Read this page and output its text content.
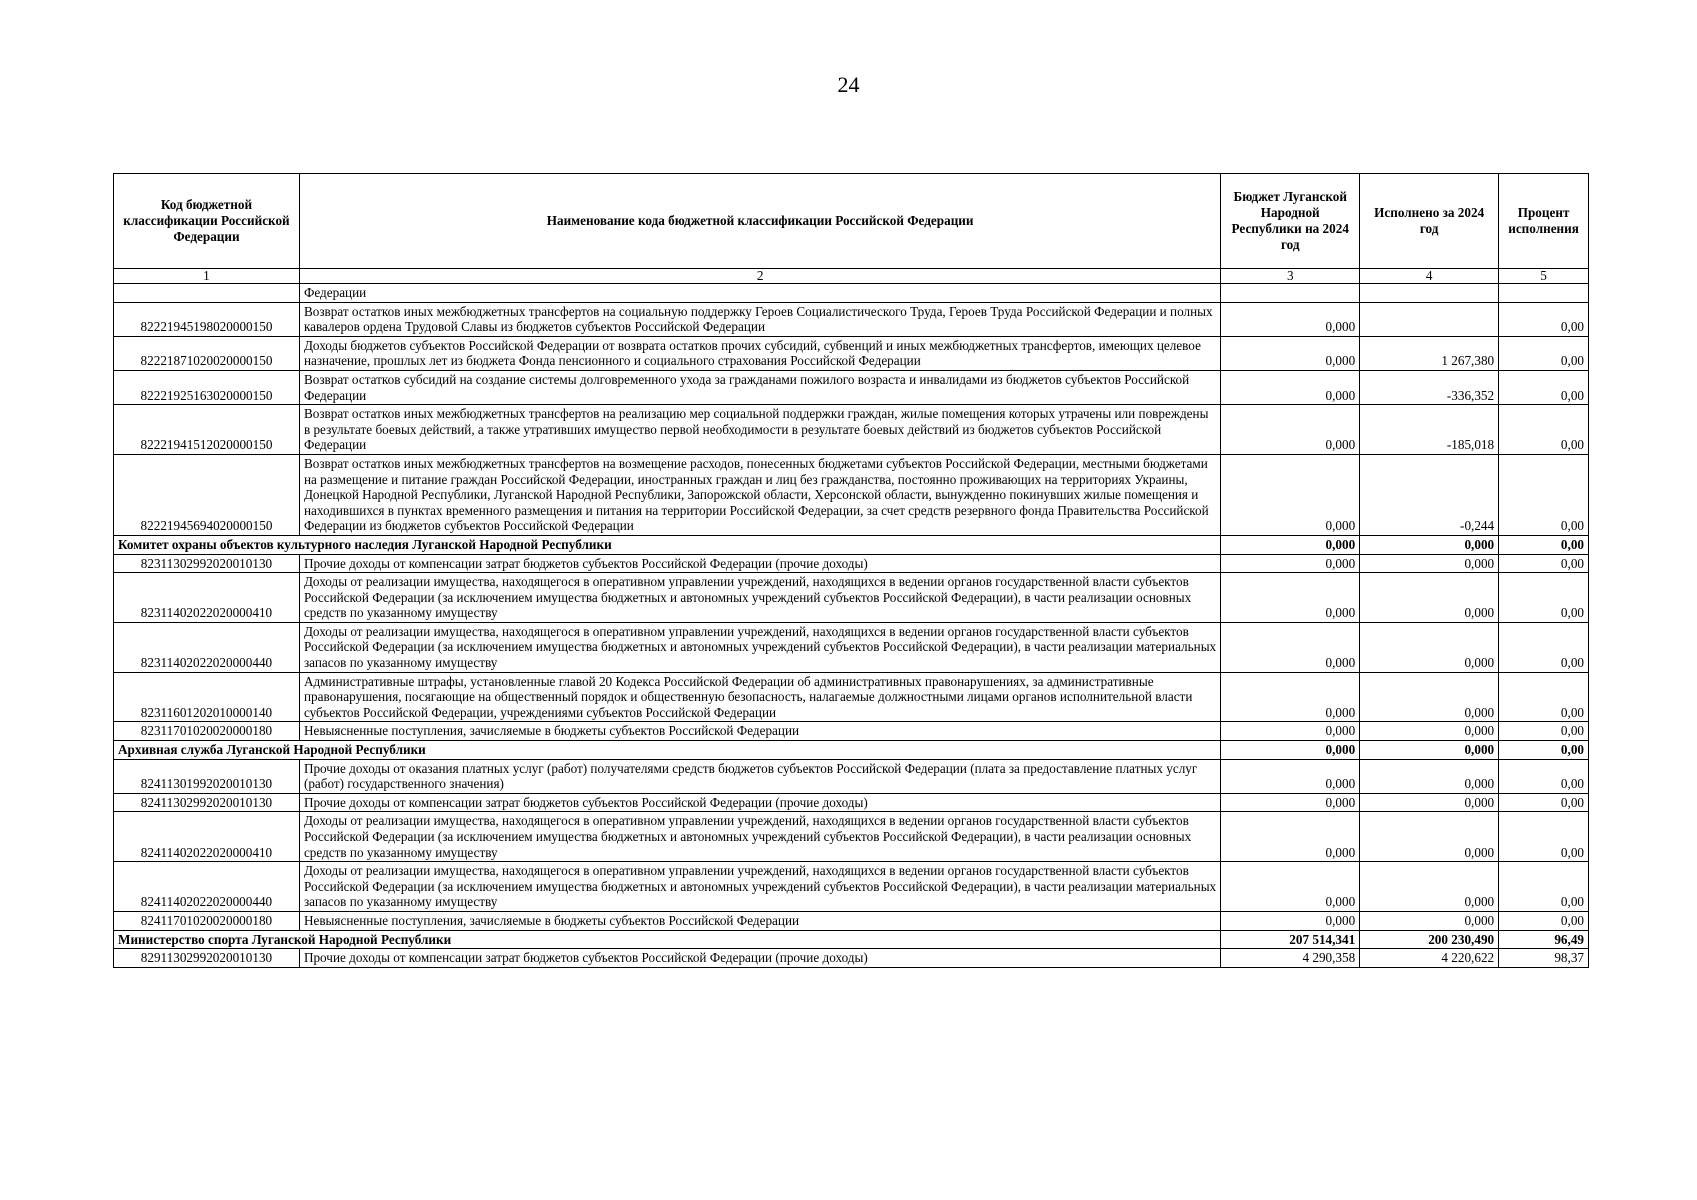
24
Код бюджетной классификации Российской Федерации	Наименование кода бюджетной классификации Российской Федерации	Бюджет Луганской Народной Республики на 2024 год	Исполнено за 2024 год	Процент исполнения
1	2	3	4	5
	Федерации			
82221945198020000150	Возврат остатков иных межбюджетных трансфертов на социальную поддержку Героев Социалистического Труда, Героев Труда Российской Федерации и полных кавалеров ордена Трудовой Славы из бюджетов субъектов Российской Федерации	0,000		0,00
82221871020020000150	Доходы бюджетов субъектов Российской Федерации от возврата остатков прочих субсидий, субвенций и иных межбюджетных трансфертов, имеющих целевое назначение, прошлых лет из бюджета Фонда пенсионного и социального страхования Российской Федерации	0,000	1 267,380	0,00
82221925163020000150	Возврат остатков субсидий на создание системы долговременного ухода за гражданами пожилого возраста и инвалидами из бюджетов субъектов Российской Федерации	0,000	-336,352	0,00
82221941512020000150	Возврат остатков иных межбюджетных трансфертов на реализацию мер социальной поддержки граждан, жилые помещения которых утрачены или повреждены в результате боевых действий, а также утративших имущество первой необходимости в результате боевых действий из бюджетов субъектов Российской Федерации	0,000	-185,018	0,00
82221945694020000150	Возврат остатков иных межбюджетных трансфертов на возмещение расходов, понесенных бюджетами субъектов Российской Федерации, местными бюджетами на размещение и питание граждан Российской Федерации, иностранных граждан и лиц без гражданства, постоянно проживающих на территориях Украины, Донецкой Народной Республики, Луганской Народной Республики, Запорожской области, Херсонской области, вынужденно покинувших жилые помещения и находившихся в пунктах временного размещения и питания на территории Российской Федерации, за счет средств резервного фонда Правительства Российской Федерации из бюджетов субъектов Российской Федерации	0,000	-0,244	0,00
Комитет охраны объектов культурного наследия Луганской Народной Республики		0,000	0,000	0,00
82311302992020010130	Прочие доходы от компенсации затрат бюджетов субъектов Российской Федерации (прочие доходы)	0,000	0,000	0,00
82311402022020000410	Доходы от реализации имущества, находящегося в оперативном управлении учреждений, находящихся в ведении органов государственной власти субъектов Российской Федерации (за исключением имущества бюджетных и автономных учреждений субъектов Российской Федерации), в части реализации основных средств по указанному имуществу	0,000	0,000	0,00
82311402022020000440	Доходы от реализации имущества, находящегося в оперативном управлении учреждений, находящихся в ведении органов государственной власти субъектов Российской Федерации (за исключением имущества бюджетных и автономных учреждений субъектов Российской Федерации), в части реализации материальных запасов по указанному имуществу	0,000	0,000	0,00
82311601202010000140	Административные штрафы, установленные главой 20 Кодекса Российской Федерации об административных правонарушениях, за административные правонарушения, посягающие на общественный порядок и общественную безопасность, налагаемые должностными лицами органов исполнительной власти субъектов Российской Федерации, учреждениями субъектов Российской Федерации	0,000	0,000	0,00
82311701020020000180	Невыясненные поступления, зачисляемые в бюджеты субъектов Российской Федерации	0,000	0,000	0,00
Архивная служба Луганской Народной Республики		0,000	0,000	0,00
82411301992020010130	Прочие доходы от оказания платных услуг (работ) получателями средств бюджетов субъектов Российской Федерации (плата за предоставление платных услуг (работ) государственного значения)	0,000	0,000	0,00
82411302992020010130	Прочие доходы от компенсации затрат бюджетов субъектов Российской Федерации (прочие доходы)	0,000	0,000	0,00
82411402022020000410	Доходы от реализации имущества, находящегося в оперативном управлении учреждений, находящихся в ведении органов государственной власти субъектов Российской Федерации (за исключением имущества бюджетных и автономных учреждений субъектов Российской Федерации), в части реализации основных средств по указанному имуществу	0,000	0,000	0,00
82411402022020000440	Доходы от реализации имущества, находящегося в оперативном управлении учреждений, находящихся в ведении органов государственной власти субъектов Российской Федерации (за исключением имущества бюджетных и автономных учреждений субъектов Российской Федерации), в части реализации материальных запасов по указанному имуществу	0,000	0,000	0,00
82411701020020000180	Невыясненные поступления, зачисляемые в бюджеты субъектов Российской Федерации	0,000	0,000	0,00
Министерство спорта Луганской Народной Республики		207 514,341	200 230,490	96,49
82911302992020010130	Прочие доходы от компенсации затрат бюджетов субъектов Российской Федерации (прочие доходы)	4 290,358	4 220,622	98,37
